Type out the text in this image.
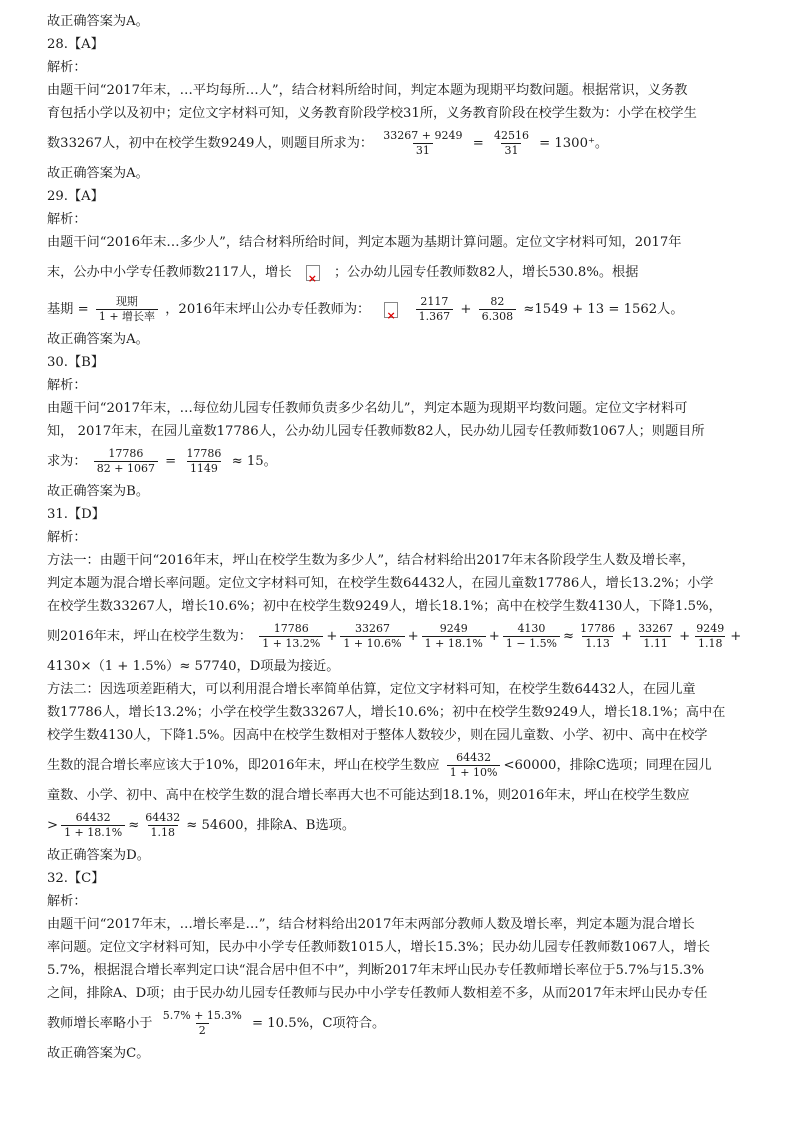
故正确答案为A。
28.【A】
解析：
由题干问“2017年末，…平均每所…人”，结合材料所给时间，判定本题为现期平均数问题。根据常识，义务教
育包括小学以及初中；定位文字材料可知，义务教育阶段学校31所，义务教育阶段在校学生数为：小学在校学生
数33267人，初中在校学生数9249人，则题目所求为： $\frac{33267 + 9249}{31} = \frac{42516}{31} = 1300^+$。
故正确答案为A。
29.【A】
解析：
由题干问“2016年末…多少人”，结合材料所给时间，判定本题为基期计算问题。定位文字材料可知，2017年
末，公办中小学专任教师数2117人，增长 × ；公办幼儿园专任教师数82人，增长530.8%。根据
基期 = $\frac{\text{现期}}{\text{1 + 增长率}}$ ，2016年末坪山公办专任教师为： ×
$\frac{2117}{1.367} + \frac{82}{6.308} \approx 1549 + 13 = 1562$人。
故正确答案为A。
30.【B】
解析：
由题干问“2017年末，…每位幼儿园专任教师负责多少名幼儿”，判定本题为现期平均数问题。定位文字材料可
知， 2017年末，在园儿童数17786人，公办幼儿园专任教师数82人，民办幼儿园专任教师数1067人；则题目所
求为： $\frac{17786}{82 + 1067} = \frac{17786}{1149} \approx 15$。
故正确答案为B。
31.【D】
解析：
方法一：由题干问“2016年末，坪山在校学生数为多少人”，结合材料给出2017年末各阶段学生人数及增长率，
判定本题为混合增长率问题。定位文字材料可知，在校学生数64432人，在园儿童数17786人，增长13.2%；小学
在校学生数33267人，增长10.6%；初中在校学生数9249人，增长18.1%；高中在校学生数4130人，下降1.5%，
则2016年末，坪山在校学生数为： $\frac{17786}{1 + 13.2\%} + \frac{33267}{1 + 10.6\%} + \frac{9249}{1 + 18.1\%} + \frac{4130}{1 - 1.5\%} \approx \frac{17786}{1.13} + \frac{33267}{1.11} + \frac{9249}{1.18}$ +
4130×（1 + 1.5%）≈ 57740，D项最为接近。
方法二：因选项差距稍大，可以利用混合增长率简单估算，定位文字材料可知，在校学生数64432人，在园儿童
数17786人，增长13.2%；小学在校学生数33267人，增长10.6%；初中在校学生数9249人，增长18.1%；高中在
校学生数4130人，下降1.5%。因高中在校学生数相对于整体人数较少，则在园儿童数、小学、初中、高中在校学
生数的混合增长率应该大于10%，即2016年末，坪山在校学生数应 $\frac{64432}{1 + 10\%} <60000$，排除C选项；同理在园儿
童数、小学、初中、高中在校学生数的混合增长率再大也不可能达到18.1%，则2016年末，坪山在校学生数应
> $\frac{64432}{1 + 18.1\%} \approx \frac{64432}{1.18} \approx 54600$，排除A、B选项。
故正确答案为D。
32.【C】
解析：
由题干问“2017年末，…增长率是…”，结合材料给出2017年末两部分教师人数及增长率，判定本题为混合增长
率问题。定位文字材料可知，民办中小学专任教师数1015人，增长15.3%；民办幼儿园专任教师数1067人，增长
5.7%，根据混合增长率判定口诀“混合居中但不中”，判断2017年末坪山民办专任教师增长率位于5.7%与15.3%
之间，排除A、D项；由于民办幼儿园专任教师与民办中小学专任教师人数相差不多，从而2017年末坪山民办专任
教师增长率略小于 $\frac{5.7\% + 15.3\%}{2} = 10.5\%$，C项符合。
故正确答案为C。
